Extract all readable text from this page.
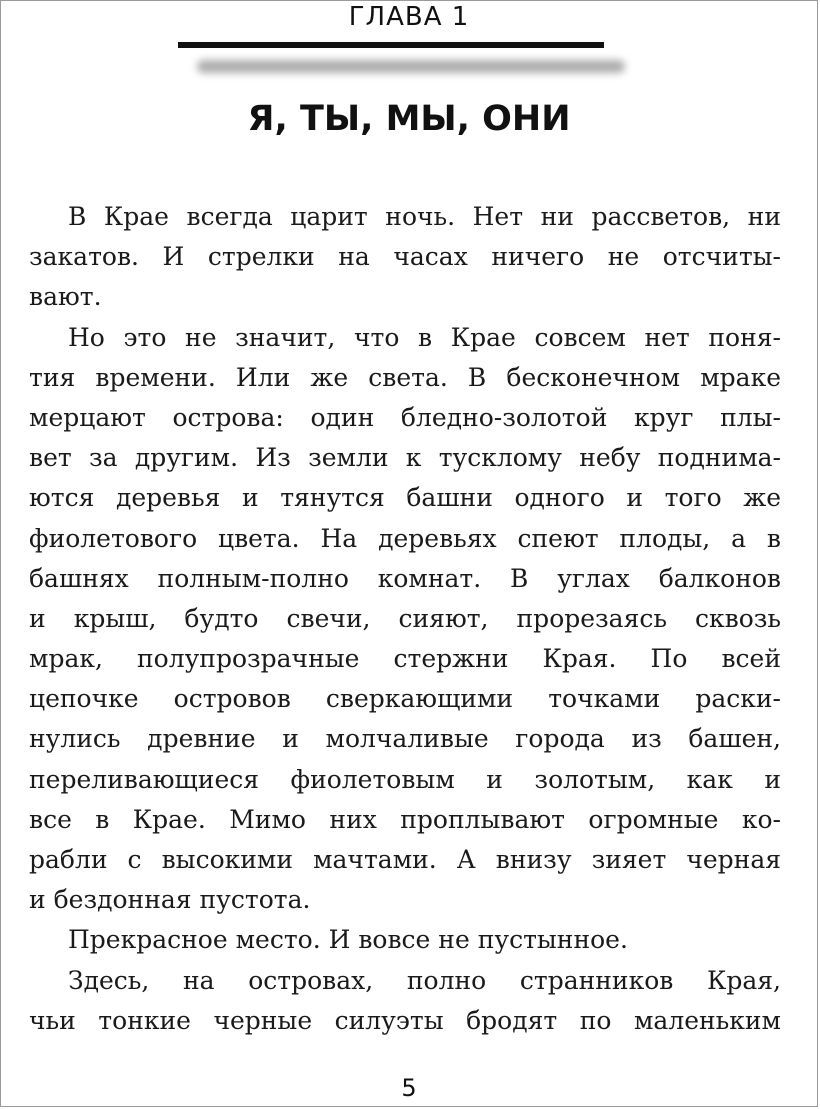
ГЛАВА 1
Я, ТЫ, МЫ, ОНИ
В Крае всегда царит ночь. Нет ни рассветов, ни
закатов. И стрелки на часах ничего не отсчиты-
вают.
Но это не значит, что в Крае совсем нет поня-
тия времени. Или же света. В бесконечном мраке
мерцают острова: один бледно-золотой круг плы-
вет за другим. Из земли к тусклому небу поднима-
ются деревья и тянутся башни одного и того же
фиолетового цвета. На деревьях спеют плоды, а в
башнях полным-полно комнат. В углах балконов
и крыш, будто свечи, сияют, прорезаясь сквозь
мрак, полупрозрачные стержни Края. По всей
цепочке островов сверкающими точками раски-
нулись древние и молчаливые города из башен,
переливающиеся фиолетовым и золотым, как и
все в Крае. Мимо них проплывают огромные ко-
рабли с высокими мачтами. А внизу зияет черная
и бездонная пустота.
Прекрасное место. И вовсе не пустынное.
Здесь, на островах, полно странников Края,
чьи тонкие черные силуэты бродят по маленьким
5
